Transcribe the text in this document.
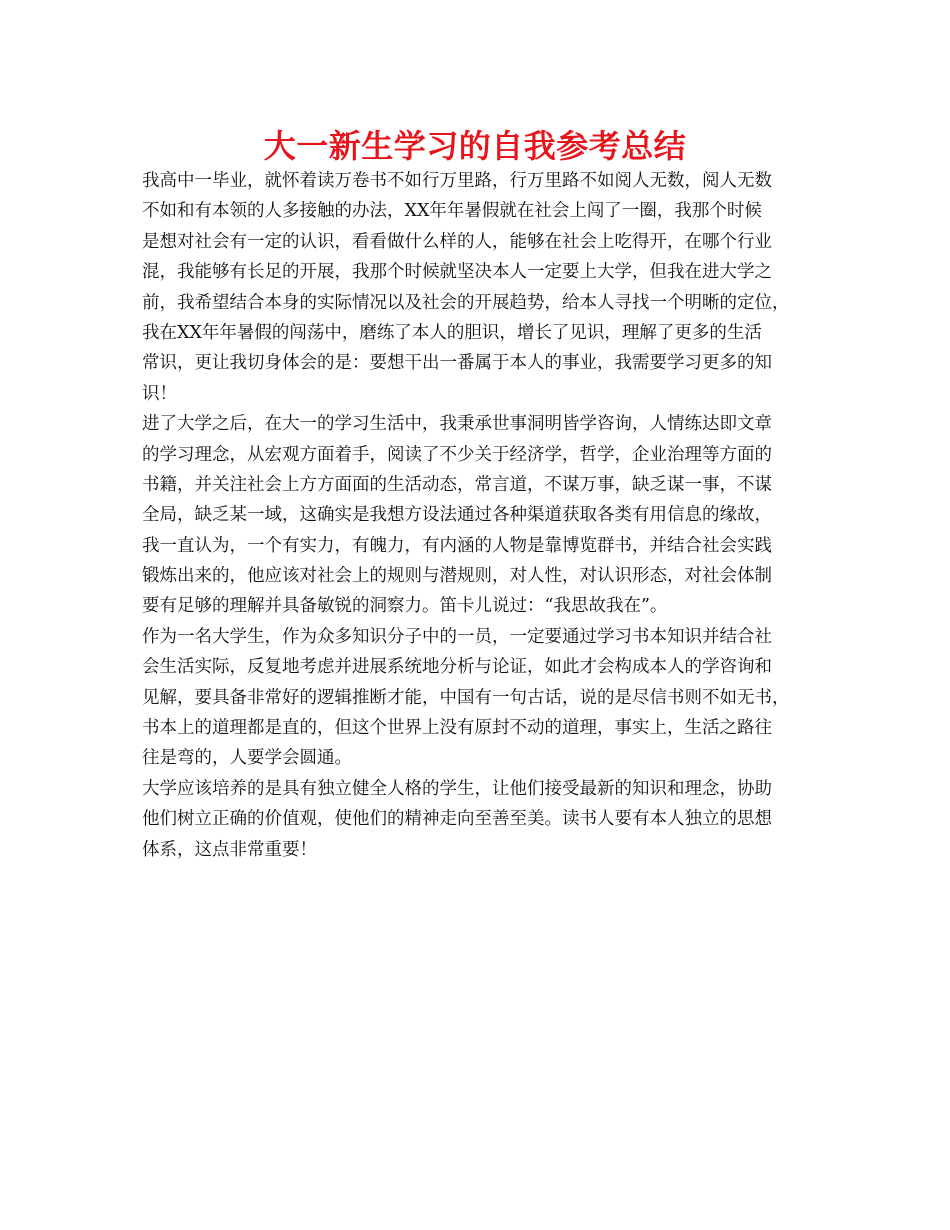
大一新生学习的自我参考总结

我高中一毕业，就怀着读万卷书不如行万里路，行万里路不如阅人无数，阅人无数
不如和有本领的人多接触的办法，XX年年暑假就在社会上闯了一圈，我那个时候
是想对社会有一定的认识，看看做什么样的人，能够在社会上吃得开，在哪个行业
混，我能够有长足的开展，我那个时候就坚决本人一定要上大学，但我在进大学之
前，我希望结合本身的实际情况以及社会的开展趋势，给本人寻找一个明晰的定位，
我在XX年年暑假的闯荡中，磨练了本人的胆识，增长了见识，理解了更多的生活
常识，更让我切身体会的是：要想干出一番属于本人的事业，我需要学习更多的知
识！

进了大学之后，在大一的学习生活中，我秉承世事洞明皆学咨询，人情练达即文章
的学习理念，从宏观方面着手，阅读了不少关于经济学，哲学，企业治理等方面的
书籍，并关注社会上方方面面的生活动态，常言道，不谋万事，缺乏谋一事，不谋
全局，缺乏某一域，这确实是我想方设法通过各种渠道获取各类有用信息的缘故，
我一直认为，一个有实力，有魄力，有内涵的人物是靠博览群书，并结合社会实践
锻炼出来的，他应该对社会上的规则与潜规则，对人性，对认识形态，对社会体制
要有足够的理解并具备敏锐的洞察力。笛卡儿说过：“我思故我在”。

作为一名大学生，作为众多知识分子中的一员，一定要通过学习书本知识并结合社
会生活实际，反复地考虑并进展系统地分析与论证，如此才会构成本人的学咨询和
见解，要具备非常好的逻辑推断才能，中国有一句古话，说的是尽信书则不如无书，
书本上的道理都是直的，但这个世界上没有原封不动的道理，事实上，生活之路往
往是弯的，人要学会圆通。

大学应该培养的是具有独立健全人格的学生，让他们接受最新的知识和理念，协助
他们树立正确的价值观，使他们的精神走向至善至美。读书人要有本人独立的思想
体系，这点非常重要！
